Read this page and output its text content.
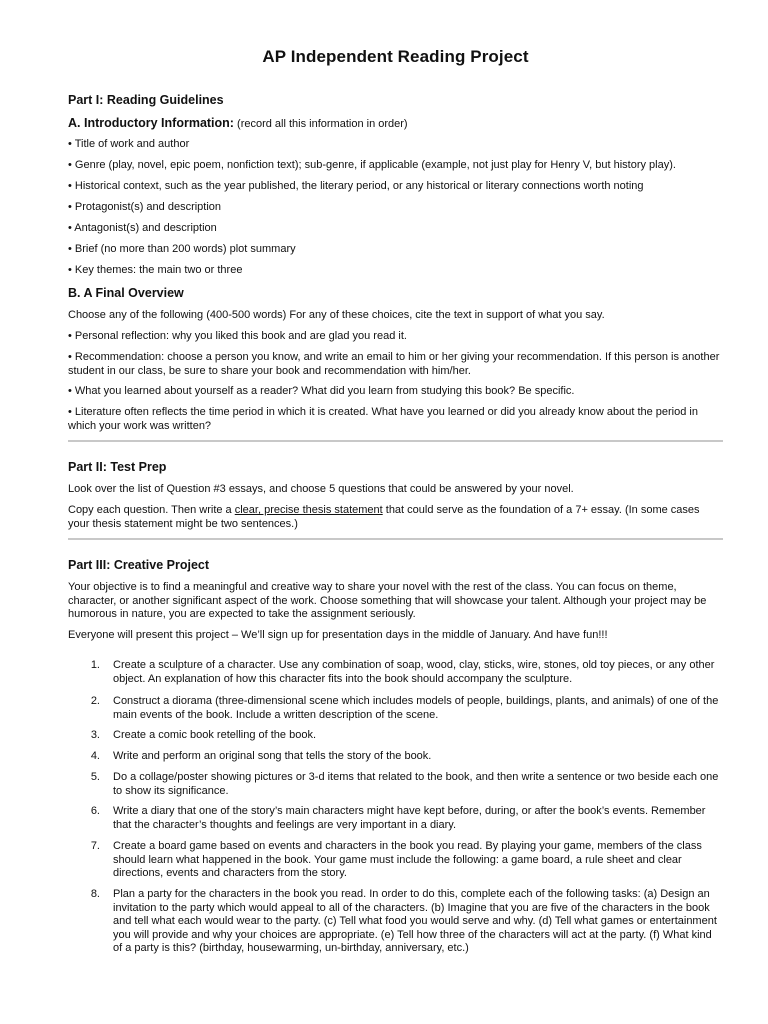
AP Independent Reading Project
Part I: Reading Guidelines
A. Introductory Information: (record all this information in order)
• Title of work and author
• Genre (play, novel, epic poem, nonfiction text); sub-genre, if applicable (example, not just play for Henry V, but history play).
• Historical context, such as the year published, the literary period, or any historical or literary connections worth noting
• Protagonist(s) and description
• Antagonist(s) and description
• Brief (no more than 200 words) plot summary
• Key themes: the main two or three
B. A Final Overview
Choose any of the following (400-500 words) For any of these choices, cite the text in support of what you say.
• Personal reflection: why you liked this book and are glad you read it.
• Recommendation: choose a person you know, and write an email to him or her giving your recommendation. If this person is another student in our class, be sure to share your book and recommendation with him/her.
• What you learned about yourself as a reader? What did you learn from studying this book? Be specific.
• Literature often reflects the time period in which it is created. What have you learned or did you already know about the period in which your work was written?
Part II: Test Prep
Look over the list of Question #3 essays, and choose 5 questions that could be answered by your novel.
Copy each question. Then write a clear, precise thesis statement that could serve as the foundation of a 7+ essay. (In some cases your thesis statement might be two sentences.)
Part III: Creative Project
Your objective is to find a meaningful and creative way to share your novel with the rest of the class. You can focus on theme, character, or another significant aspect of the work. Choose something that will showcase your talent. Although your project may be humorous in nature, you are expected to take the assignment seriously.
Everyone will present this project – We’ll sign up for presentation days in the middle of January. And have fun!!!
1. Create a sculpture of a character. Use any combination of soap, wood, clay, sticks, wire, stones, old toy pieces, or any other object. An explanation of how this character fits into the book should accompany the sculpture.
2. Construct a diorama (three-dimensional scene which includes models of people, buildings, plants, and animals) of one of the main events of the book. Include a written description of the scene.
3. Create a comic book retelling of the book.
4. Write and perform an original song that tells the story of the book.
5. Do a collage/poster showing pictures or 3-d items that related to the book, and then write a sentence or two beside each one to show its significance.
6. Write a diary that one of the story’s main characters might have kept before, during, or after the book’s events. Remember that the character’s thoughts and feelings are very important in a diary.
7. Create a board game based on events and characters in the book you read. By playing your game, members of the class should learn what happened in the book. Your game must include the following: a game board, a rule sheet and clear directions, events and characters from the story.
8. Plan a party for the characters in the book you read. In order to do this, complete each of the following tasks: (a) Design an invitation to the party which would appeal to all of the characters. (b) Imagine that you are five of the characters in the book and tell what each would wear to the party. (c) Tell what food you would serve and why. (d) Tell what games or entertainment you will provide and why your choices are appropriate. (e) Tell how three of the characters will act at the party. (f) What kind of a party is this? (birthday, housewarming, un-birthday, anniversary, etc.)
